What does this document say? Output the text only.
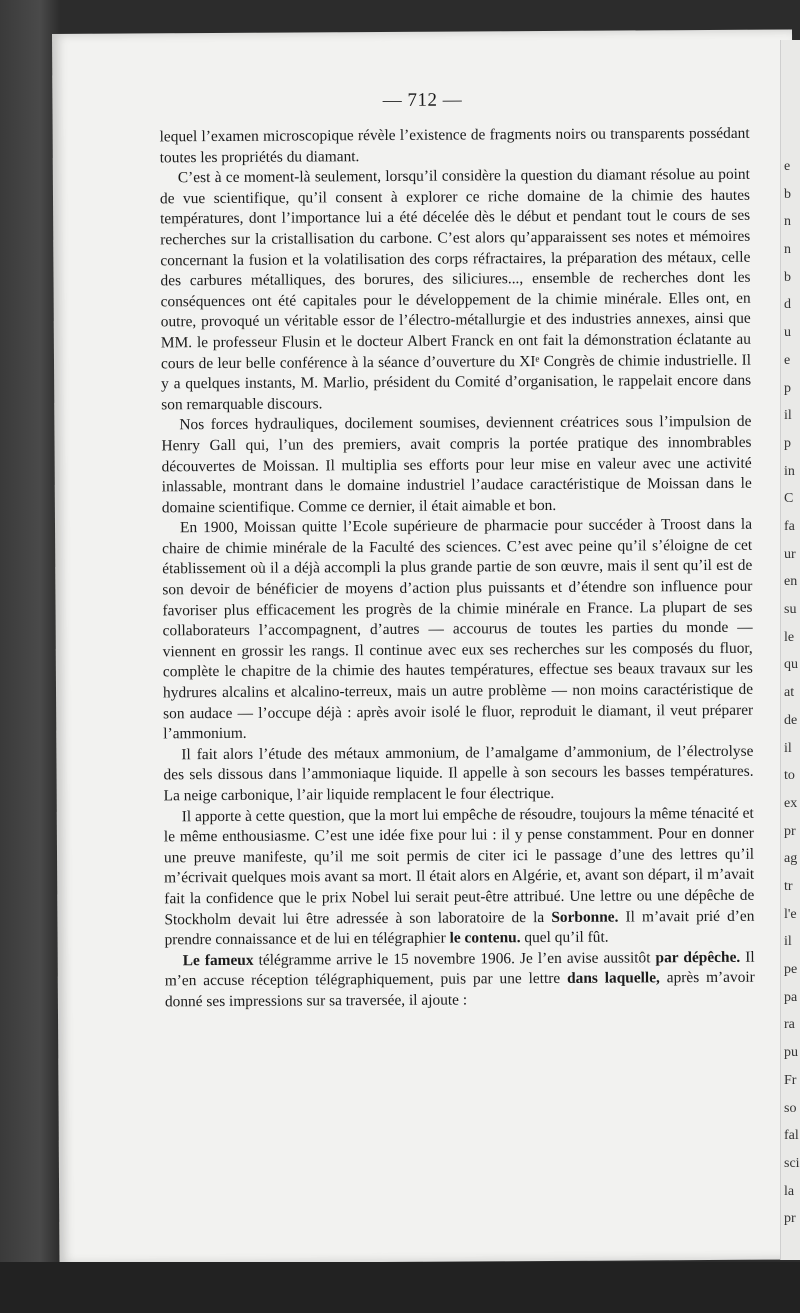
— 712 —

lequel l’examen microscopique révèle l’existence de fragments noirs ou transparents possédant toutes les propriétés du diamant.

C’est à ce moment-là seulement, lorsqu’il considère la question du diamant résolue au point de vue scientifique, qu’il consent à explorer ce riche domaine de la chimie des hautes températures, dont l’importance lui a été décelée dès le début et pendant tout le cours de ses recherches sur la cristallisation du carbone. C’est alors qu’apparaissent ses notes et mémoires concernant la fusion et la volatilisation des corps réfractaires, la préparation des métaux, celle des carbures métalliques, des borures, des siliciures..., ensemble de recherches dont les conséquences ont été capitales pour le développement de la chimie minérale. Elles ont, en outre, provoqué un véritable essor de l’électro-métallurgie et des industries annexes, ainsi que MM. le professeur Flusin et le docteur Albert Franck en ont fait la démonstration éclatante au cours de leur belle conférence à la séance d’ouverture du XIᵉ Congrès de chimie industrielle. Il y a quelques instants, M. Marlio, président du Comité d’organisation, le rappelait encore dans son remarquable discours.

Nos forces hydrauliques, docilement soumises, deviennent créatrices sous l’impulsion de Henry Gall qui, l’un des premiers, avait compris la portée pratique des innombrables découvertes de Moissan. Il multiplia ses efforts pour leur mise en valeur avec une activité inlassable, montrant dans le domaine industriel l’audace caractéristique de Moissan dans le domaine scientifique. Comme ce dernier, il était aimable et bon.

En 1900, Moissan quitte l’Ecole supérieure de pharmacie pour succéder à Troost dans la chaire de chimie minérale de la Faculté des sciences. C’est avec peine qu’il s’éloigne de cet établissement où il a déjà accompli la plus grande partie de son œuvre, mais il sent qu’il est de son devoir de bénéficier de moyens d’action plus puissants et d’étendre son influence pour favoriser plus efficacement les progrès de la chimie minérale en France. La plupart de ses collaborateurs l’accompagnent, d’autres — accourus de toutes les parties du monde — viennent en grossir les rangs. Il continue avec eux ses recherches sur les composés du fluor, complète le chapitre de la chimie des hautes températures, effectue ses beaux travaux sur les hydrures alcalins et alcalino-terreux, mais un autre problème — non moins caractéristique de son audace — l’occupe déjà : après avoir isolé le fluor, reproduit le diamant, il veut préparer l’ammonium.

Il fait alors l’étude des métaux ammonium, de l’amalgame d’ammonium, de l’électrolyse des sels dissous dans l’ammoniaque liquide. Il appelle à son secours les basses températures. La neige carbonique, l’air liquide remplacent le four électrique.

Il apporte à cette question, que la mort lui empêche de résoudre, toujours la même ténacité et le même enthousiasme. C’est une idée fixe pour lui : il y pense constamment. Pour en donner une preuve manifeste, qu’il me soit permis de citer ici le passage d’une des lettres qu’il m’écrivait quelques mois avant sa mort. Il était alors en Algérie, et, avant son départ, il m’avait fait la confidence que le prix Nobel lui serait peut-être attribué. Une lettre ou une dépêche de Stockholm devait lui être adressée à son laboratoire de la Sorbonne. Il m’avait prié d’en prendre connaissance et de lui en télégraphier le contenu. quel qu’il fût.

Le fameux télégramme arrive le 15 novembre 1906. Je l’en avise aussitôt par dépêche. Il m’en accuse réception télégraphiquement, puis par une lettre dans laquelle, après m’avoir donné ses impressions sur sa traversée, il ajoute :

e
b
n
n
b
d
u
e
p
il
p
in
C
fa
ur
en
su
le
qu
at
de
il
to
ex
pr
ag
tr
l'e
il
pe
pa
ra
pu
Fr
so
fal
sci
la
pr
